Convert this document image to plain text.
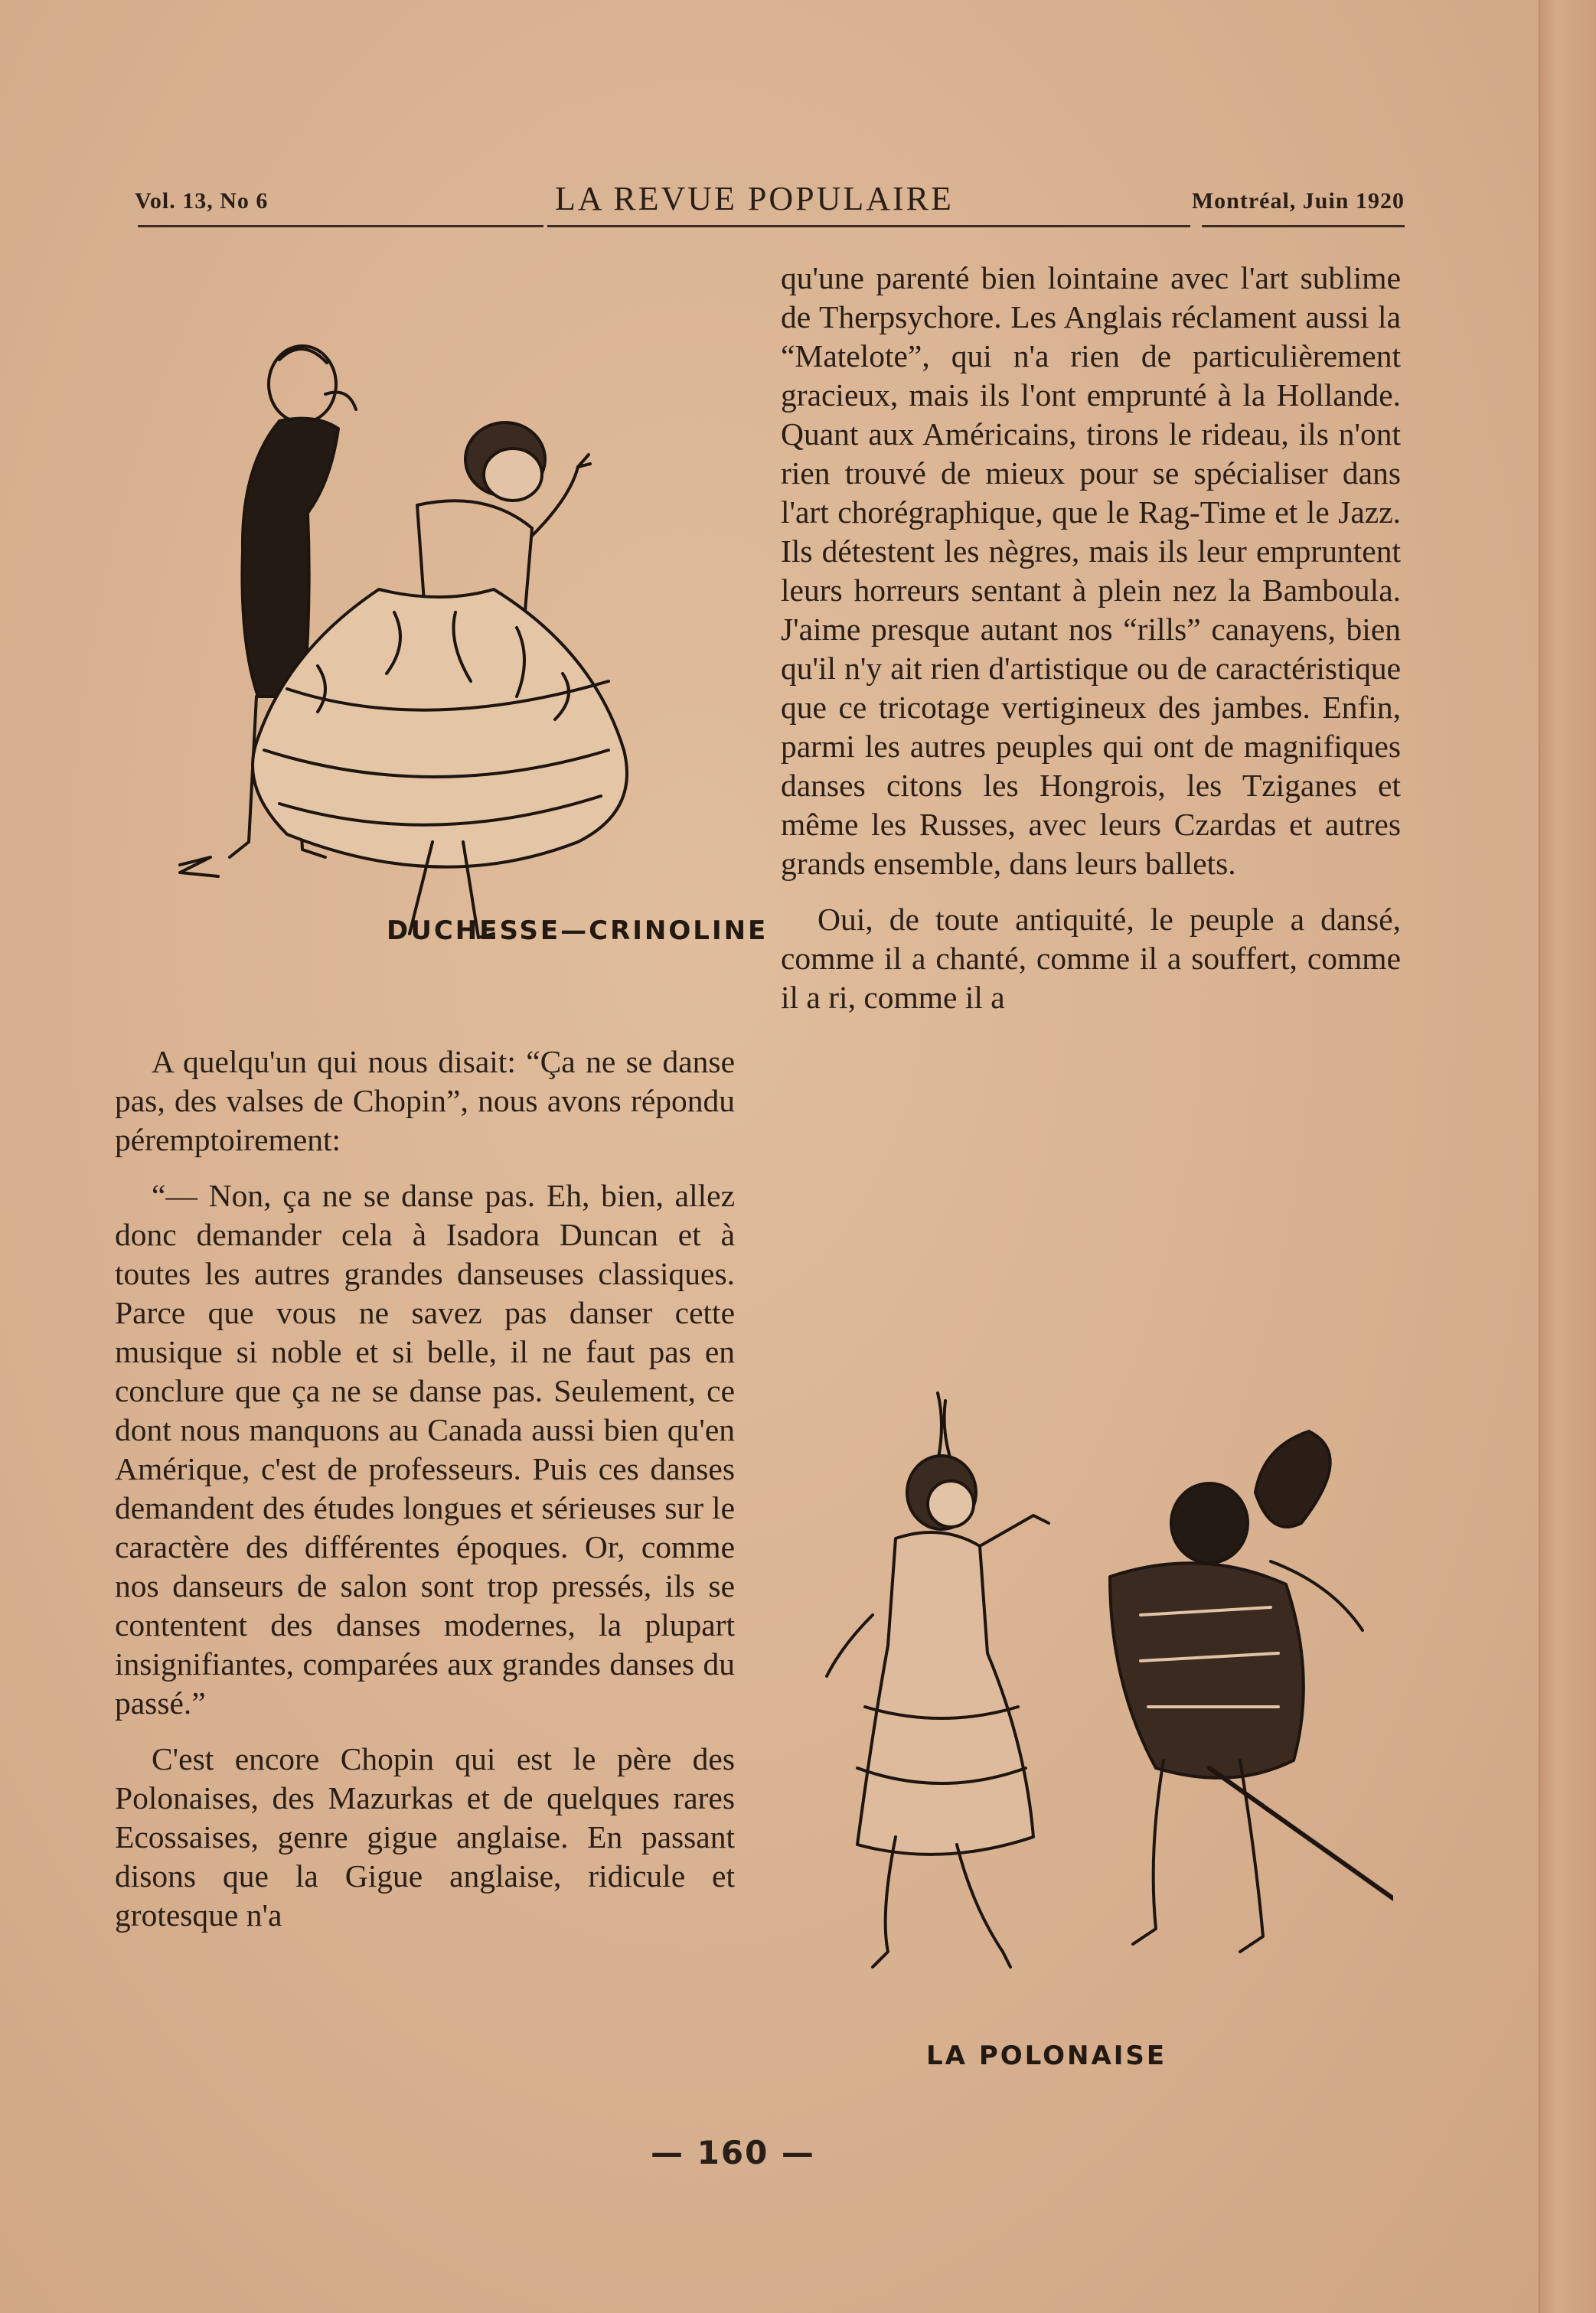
Vol. 13, No 6	LA REVUE POPULAIRE	Montréal, Juin 1920
DUCHESSE—CRINOLINE
LA POLONAISE

A quelqu'un qui nous disait: “Ça ne se danse pas, des valses de Chopin”, nous avons répondu péremptoirement:

“— Non, ça ne se danse pas. Eh, bien, allez donc demander cela à Isadora Duncan et à toutes les autres grandes danseuses classiques. Parce que vous ne savez pas danser cette musique si noble et si belle, il ne faut pas en conclure que ça ne se danse pas. Seulement, ce dont nous manquons au Canada aussi bien qu'en Amérique, c'est de professeurs. Puis ces danses demandent des études longues et sérieuses sur le caractère des différentes époques. Or, comme nos danseurs de salon sont trop pressés, ils se contentent des danses modernes, la plupart insignifiantes, comparées aux grandes danses du passé.”

C'est encore Chopin qui est le père des Polonaises, des Mazurkas et de quelques rares Ecossaises, genre gigue anglaise. En passant disons que la Gigue anglaise, ridicule et grotesque n'a

qu'une parenté bien lointaine avec l'art sublime de Therpsychore. Les Anglais réclament aussi la “Matelote”, qui n'a rien de particulièrement gracieux, mais ils l'ont emprunté à la Hollande. Quant aux Américains, tirons le rideau, ils n'ont rien trouvé de mieux pour se spécialiser dans l'art chorégraphique, que le Rag-Time et le Jazz. Ils détestent les nègres, mais ils leur empruntent leurs horreurs sentant à plein nez la Bamboula. J'aime presque autant nos “rills” canayens, bien qu'il n'y ait rien d'artistique ou de caractéristique que ce tricotage vertigineux des jambes. Enfin, parmi les autres peuples qui ont de magnifiques danses citons les Hongrois, les Tziganes et même les Russes, avec leurs Czardas et autres grands ensemble, dans leurs ballets.

Oui, de toute antiquité, le peuple a dansé, comme il a chanté, comme il a souffert, comme il a ri, comme il a

— 160 —
